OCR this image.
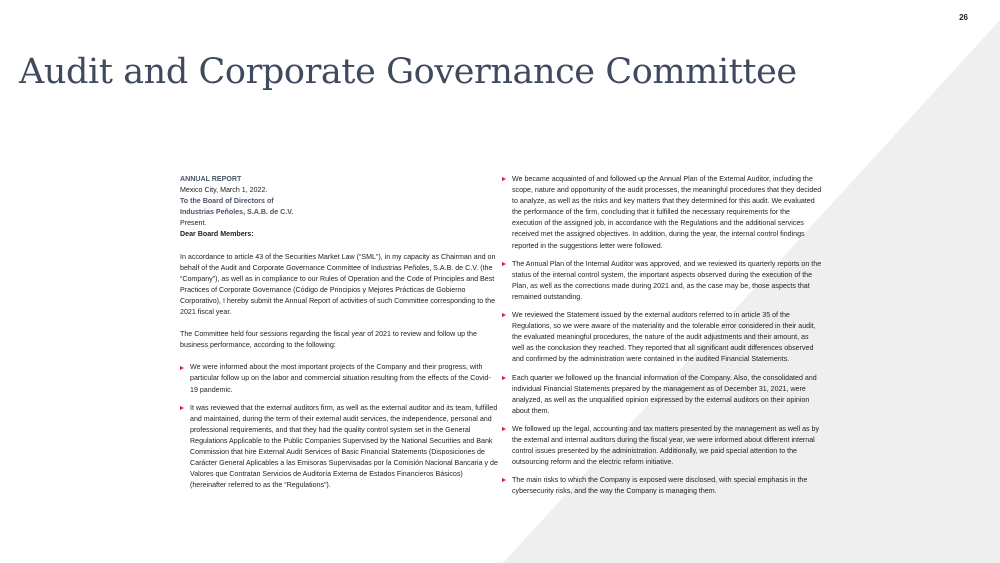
26
Audit and Corporate Governance Committee

ANNUAL REPORT
Mexico City, March 1, 2022.

To the Board of Directors of
Industrias Peñoles, S.A.B. de C.V.
Present.

Dear Board Members:

In accordance to article 43 of the Securities Market Law (“SML”), in my capacity as Chairman and on behalf of the Audit and Corporate Governance Committee of Industrias Peñoles, S.A.B. de C.V. (the “Company”), as well as in compliance to our Rules of Operation and the Code of Principles and Best Practices of Corporate Governance (Código de Principios y Mejores Prácticas de Gobierno Corporativo), I hereby submit the Annual Report of activities of such Committee corresponding to the 2021 fiscal year.

The Committee held four sessions regarding the fiscal year of 2021 to review and follow up the business performance, according to the following:

We were informed about the most important projects of the Company and their progress, with particular follow up on the labor and commercial situation resulting from the effects of the Covid-19 pandemic.
It was reviewed that the external auditors firm, as well as the external auditor and its team, fulfilled and maintained, during the term of their external audit services, the independence, personal and professional requirements, and that they had the quality control system set in the General Regulations Applicable to the Public Companies Supervised by the National Securities and Bank Commission that hire External Audit Services of Basic Financial Statements (Disposiciones de Carácter General Aplicables a las Emisoras Supervisadas por la Comisión Nacional Bancaria y de Valores que Contratan Servicios de Auditoría Externa de Estados Financieros Básicos) (hereinafter referred to as the “Regulations”).
We became acquainted of and followed up the Annual Plan of the External Auditor, including the scope, nature and opportunity of the audit processes, the meaningful procedures that they decided to analyze, as well as the risks and key matters that they determined for this audit. We evaluated the performance of the firm, concluding that it fulfilled the necessary requirements for the execution of the assigned job, in accordance with the Regulations and the additional services received met the assigned objectives. In addition, during the year, the internal control findings reported in the suggestions letter were followed.
The Annual Plan of the Internal Auditor was approved, and we reviewed its quarterly reports on the status of the internal control system, the important aspects observed during the execution of the Plan, as well as the corrections made during 2021 and, as the case may be, those aspects that remained outstanding.
We reviewed the Statement issued by the external auditors referred to in article 35 of the Regulations, so we were aware of the materiality and the tolerable error considered in their audit, the evaluated meaningful procedures, the nature of the audit adjustments and their amount, as well as the conclusion they reached. They reported that all significant audit differences observed and confirmed by the administration were contained in the audited Financial Statements.
Each quarter we followed up the financial information of the Company. Also, the consolidated and individual Financial Statements prepared by the management as of December 31, 2021, were analyzed, as well as the unqualified opinion expressed by the external auditors on their opinion about them.
We followed up the legal, accounting and tax matters presented by the management as well as by the external and internal auditors during the fiscal year, we were informed about different internal control issues presented by the administration. Additionally, we paid special attention to the outsourcing reform and the electric reform initiative.
The main risks to which the Company is exposed were disclosed, with special emphasis in the cybersecurity risks, and the way the Company is managing them.
